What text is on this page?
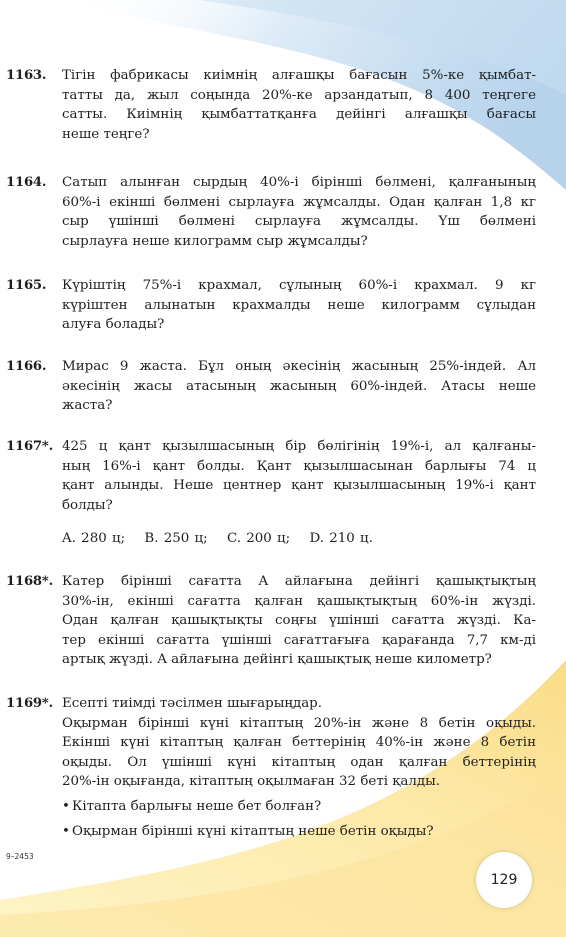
1163.	Тігін фабрикасы киімнің алғашқы бағасын 5%-ке қымбат-
татты да, жыл соңында 20%-ке арзандатып, 8 400 теңгеге
сатты. Киімнің қымбаттатқанға дейінгі алғашқы бағасы
неше теңге?
1164.	Сатып алынған сырдың 40%-і бірінші бөлмені, қалғанының
60%-і екінші бөлмені сырлауға жұмсалды. Одан қалған 1,8 кг
сыр үшінші бөлмені сырлауға жұмсалды. Үш бөлмені
сырлауға неше килограмм сыр жұмсалды?
1165.	Күріштің 75%-і крахмал, сұлының 60%-і крахмал. 9 кг
күріштен алынатын крахмалды неше килограмм сұлыдан
алуға болады?
1166.	Мирас 9 жаста. Бұл оның әкесінің жасының 25%-індей. Ал
әкесінің жасы атасының жасының 60%-індей. Атасы неше
жаста?
1167*. 425 ц қант қызылшасының бір бөлігінің 19%-і, ал қалғаны-
ның 16%-і қант болды. Қант қызылшасынан барлығы 74 ц
қант алынды. Неше центнер қант қызылшасының 19%-і қант
болды?
A. 280 ц; B. 250 ц; C. 200 ц; D. 210 ц.
1168*. Катер бірінші сағатта A айлағына дейінгі қашықтықтың
30%-ін, екінші сағатта қалған қашықтықтың 60%-ін жүзді.
Одан қалған қашықтықты соңғы үшінші сағатта жүзді. Ка-
тер екінші сағатта үшінші сағаттағыға қарағанда 7,7 км-ді
артық жүзді. A айлағына дейінгі қашықтық неше километр?
1169*. Есепті тиімді тәсілмен шығарыңдар.
Оқырман бірінші күні кітаптың 20%-ін және 8 бетін оқыды.
Екінші күні кітаптың қалған беттерінің 40%-ін және 8 бетін
оқыды. Ол үшінші күні кітаптың одан қалған беттерінің
20%-ін оқығанда, кітаптың оқылмаған 32 беті қалды.
• Кітапта барлығы неше бет болған?
• Оқырман бірінші күні кітаптың неше бетін оқыды?
9–2453
129
